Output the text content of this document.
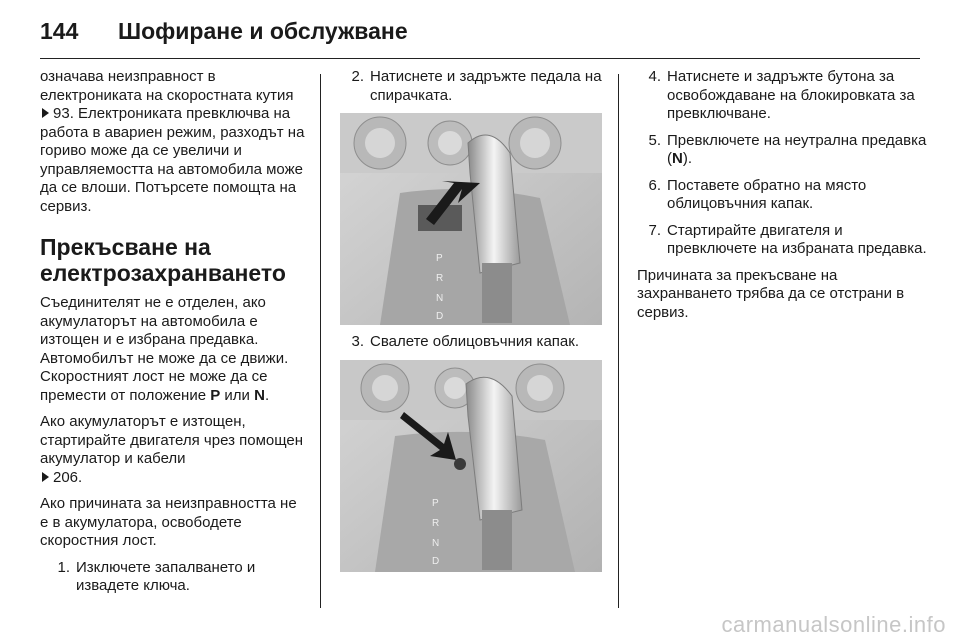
144	Шофиране и обслужване

означава неизправност в електрониката на скоростната кутия 93. Електрониката превключва на работа в авариен режим, разходът на гориво може да се увеличи и управляемостта на автомобила може да се влоши. Потърсете помощта на сервиз.

Прекъсване на електрозахранването

Съединителят не е отделен, ако акумулаторът на автомобила е изтощен и е избрана предавка. Автомобилът не може да се движи. Скоростният лост не може да се премести от положение P или N.

Ако акумулаторът е изтощен, стартирайте двигателя чрез помощен акумулатор и кабели
206.

Ако причината за неизправността не е в акумулатора, освободете скоростния лост.

1. Изключете запалването и извадете ключа.
2. Натиснете и задръжте педала на спирачката.
P
R
N
D
3. Свалете облицовъчния капак.
P
R
N
D
4. Натиснете и задръжте бутона за освобождаване на блокировката за превключване.
5. Превключете на неутрална предавка (N).
6. Поставете обратно на място облицовъчния капак.
7. Стартирайте двигателя и превключете на избраната предавка.

Причината за прекъсване на захранването трябва да се отстрани в сервиз.

carmanualsonline.info
